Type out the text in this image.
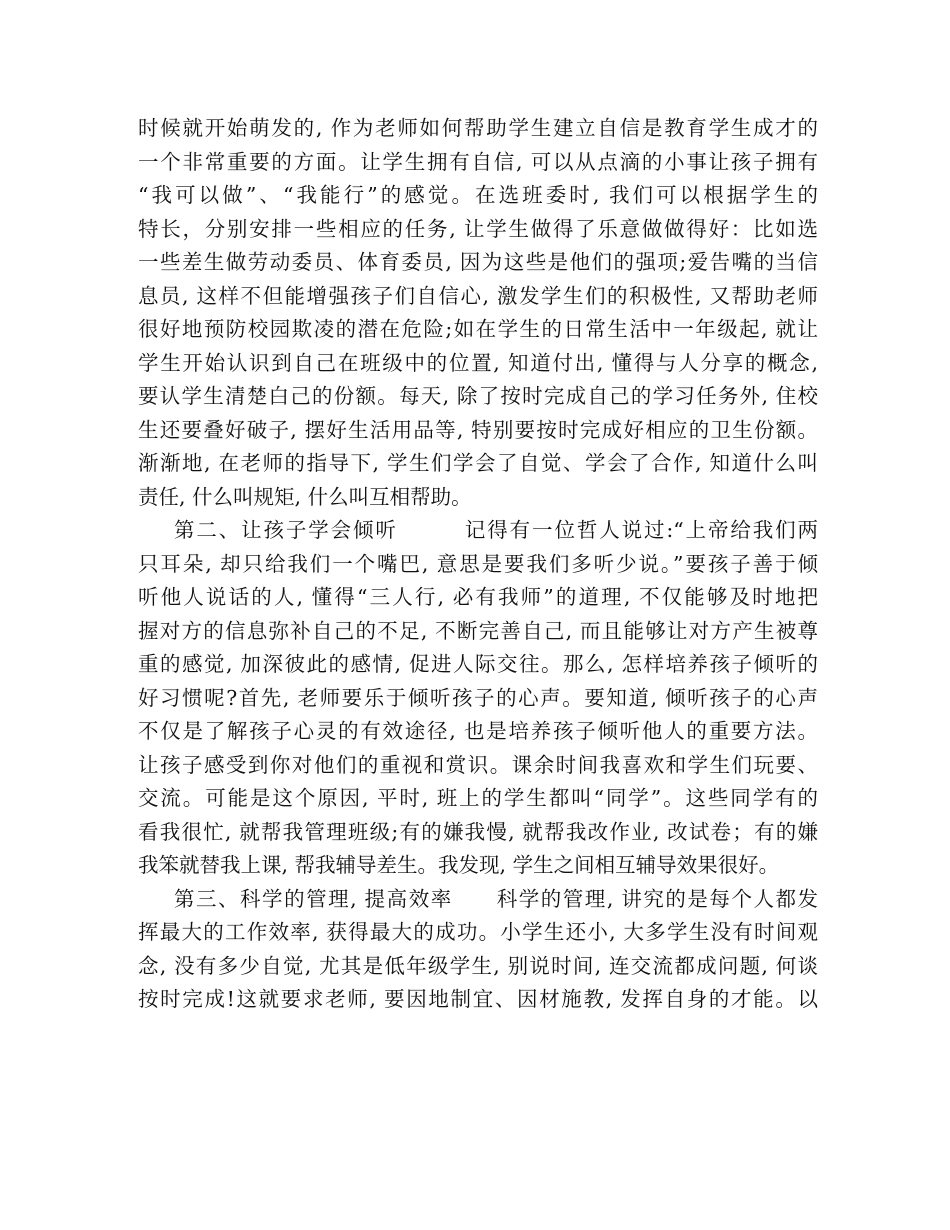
时候就开始萌发的, 作为老师如何帮助学生建立自信是教育学生成才的
一个非常重要的方面。让学生拥有自信, 可以从点滴的小事让孩子拥有
“我可以做”、“我能行”的感觉。在选班委时, 我们可以根据学生的
特长，分别安排一些相应的任务, 让学生做得了乐意做做得好：比如选
一些差生做劳动委员、体育委员, 因为这些是他们的强项;爱告嘴的当信
息员, 这样不但能增强孩子们自信心, 激发学生们的积极性, 又帮助老师
很好地预防校园欺凌的潜在危险;如在学生的日常生活中一年级起, 就让
学生开始认识到自己在班级中的位置, 知道付出, 懂得与人分享的概念,
要认学生清楚白己的份额。每天, 除了按时完成自己的学习任务外, 住校
生还要叠好破子, 摆好生活用品等, 特别要按时完成好相应的卫生份额。
渐渐地, 在老师的指导下, 学生们学会了自觉、学会了合作, 知道什么叫
责任, 什么叫规矩, 什么叫互相帮助。
第二、让孩子学会倾听　　　记得有一位哲人说过:“上帝给我们两
只耳朵, 却只给我们一个嘴巴, 意思是要我们多听少说。”要孩子善于倾
听他人说话的人, 懂得“三人行, 必有我师”的道理, 不仅能够及时地把
握对方的信息弥补自己的不足, 不断完善自己, 而且能够让对方产生被尊
重的感觉, 加深彼此的感情, 促进人际交往。那么, 怎样培养孩子倾听的
好习惯呢?首先, 老师要乐于倾听孩子的心声。要知道, 倾听孩子的心声
不仅是了解孩子心灵的有效途径, 也是培养孩子倾听他人的重要方法。
让孩子感受到你对他们的重视和赏识。课余时间我喜欢和学生们玩要、
交流。可能是这个原因, 平时, 班上的学生都叫“同学”。这些同学有的
看我很忙, 就帮我管理班级;有的嫌我慢, 就帮我改作业, 改试卷；有的嫌
我笨就替我上课, 帮我辅导差生。我发现, 学生之间相互辅导效果很好。
第三、科学的管理, 提高效率　　科学的管理, 讲究的是每个人都发
挥最大的工作效率, 获得最大的成功。小学生还小, 大多学生没有时间观
念, 没有多少自觉, 尤其是低年级学生, 别说时间, 连交流都成问题, 何谈
按时完成!这就要求老师, 要因地制宜、因材施教, 发挥自身的才能。以
